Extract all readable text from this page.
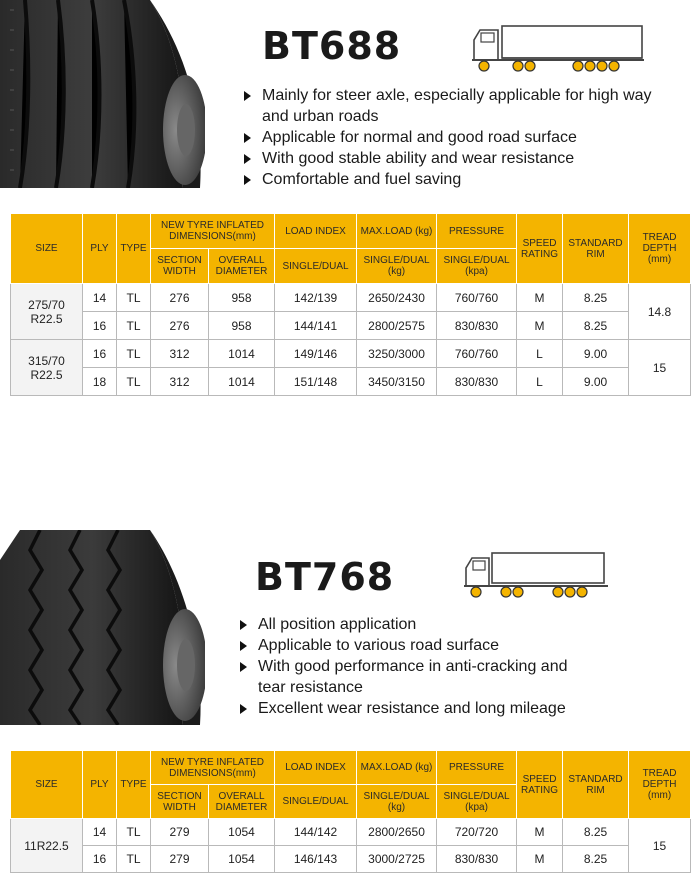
BT688
Mainly for steer axle, especially applicable for high way and urban roads
Applicable for normal and good road surface
With good stable ability and wear resistance
Comfortable and fuel saving
SIZE	PLY	TYPE	NEW TYRE INFLATED DIMENSIONS(mm)		LOAD INDEX	MAX.LOAD (kg)	PRESSURE	SPEED RATING	STANDARD RIM	TREAD DEPTH (mm)
			SECTION WIDTH	OVERALL DIAMETER	SINGLE/DUAL	SINGLE/DUAL (kg)	SINGLE/DUAL (kpa)			
275/70 R22.5	14	TL	276	958	142/139	2650/2430	760/760	M	8.25	14.8
	16	TL	276	958	144/141	2800/2575	830/830	M	8.25	
315/70 R22.5	16	TL	312	1014	149/146	3250/3000	760/760	L	9.00	15
	18	TL	312	1014	151/148	3450/3150	830/830	L	9.00	
BT768
All position application
Applicable to various road surface
With good performance in anti-cracking and tear resistance
Excellent wear resistance and long mileage
SIZE	PLY	TYPE	NEW TYRE INFLATED DIMENSIONS(mm)		LOAD INDEX	MAX.LOAD (kg)	PRESSURE	SPEED RATING	STANDARD RIM	TREAD DEPTH (mm)
			SECTION WIDTH	OVERALL DIAMETER	SINGLE/DUAL	SINGLE/DUAL (kg)	SINGLE/DUAL (kpa)			
11R22.5	14	TL	279	1054	144/142	2800/2650	720/720	M	8.25	15
	16	TL	279	1054	146/143	3000/2725	830/830	M	8.25	
